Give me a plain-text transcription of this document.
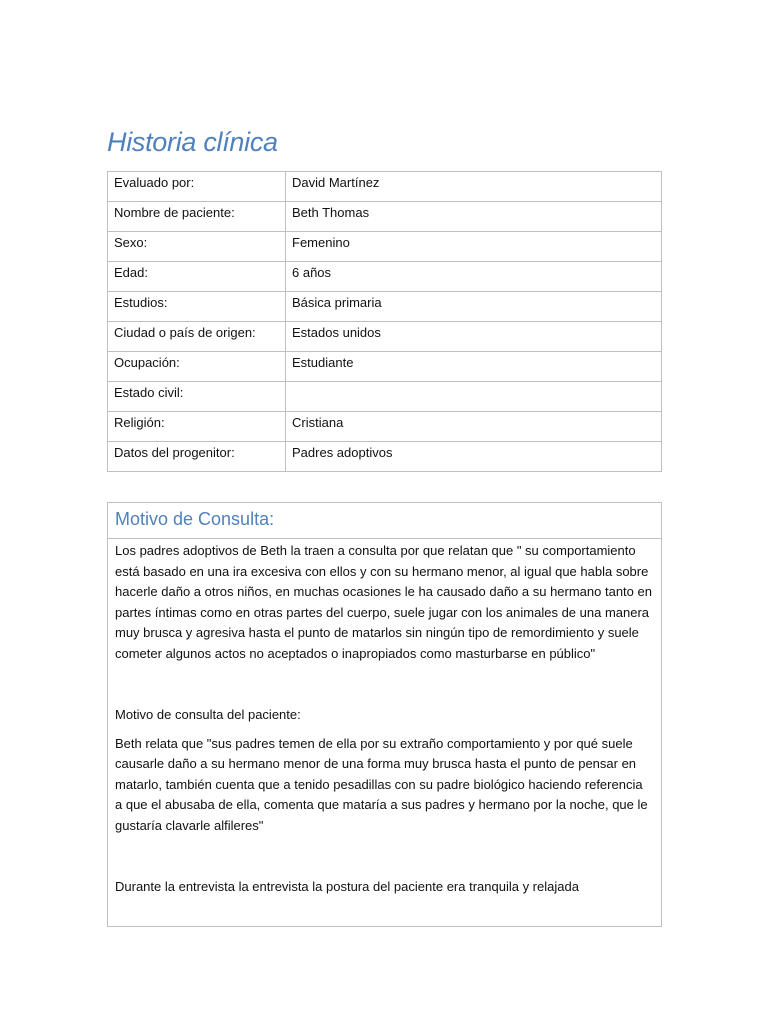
Historia clínica
Evaluado por:	David Martínez
Nombre de paciente:	Beth Thomas
Sexo:	Femenino
Edad:	6 años
Estudios:	Básica primaria
Ciudad o país de origen:	Estados unidos
Ocupación:	Estudiante
Estado civil:	
Religión:	Cristiana
Datos del progenitor:	Padres adoptivos
Motivo de Consulta:

Los padres adoptivos de Beth la traen a consulta por que relatan que " su comportamiento está basado en una ira excesiva con ellos y con su hermano menor, al igual que habla sobre hacerle daño a otros niños, en muchas ocasiones le ha causado daño a su hermano tanto en partes íntimas como en otras partes del cuerpo, suele jugar con los animales de una manera muy brusca y agresiva hasta el punto de matarlos sin ningún tipo de remordimiento y suele cometer algunos actos no aceptados o inapropiados como masturbarse en público"

Motivo de consulta del paciente:

Beth relata que "sus padres temen de ella por su extraño comportamiento y por qué suele causarle daño a su hermano menor de una forma muy brusca hasta el punto de pensar en matarlo, también cuenta que a tenido pesadillas con su padre biológico haciendo referencia a que el abusaba de ella, comenta que mataría a sus padres y hermano por la noche, que le gustaría clavarle alfileres"

Durante la entrevista la entrevista la postura del paciente era tranquila y relajada
